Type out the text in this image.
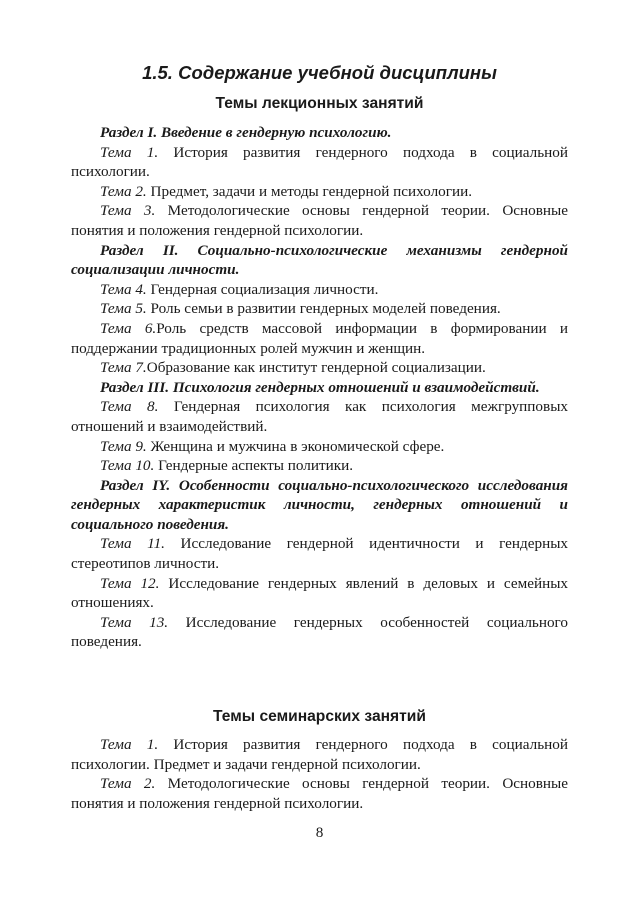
1.5. Содержание учебной дисциплины
Темы лекционных занятий

Раздел I. Введение в гендерную психологию.

Тема 1. История развития гендерного подхода в социальной психологии.

Тема 2. Предмет, задачи и методы гендерной психологии.

Тема 3. Методологические основы гендерной теории. Основные понятия и положения гендерной психологии.

Раздел II. Социально-психологические механизмы гендерной социализации личности.

Тема 4. Гендерная социализация личности.

Тема 5. Роль семьи в развитии гендерных моделей поведения.

Тема 6.Роль средств массовой информации в формировании и поддержании традиционных ролей мужчин и женщин.

Тема 7.Образование как институт гендерной социализации.

Раздел III. Психология гендерных отношений и взаимодействий.

Тема 8. Гендерная психология как психология межгрупповых отношений и взаимодействий.

Тема 9. Женщина и мужчина в экономической сфере.

Тема 10. Гендерные аспекты политики.

Раздел IY. Особенности социально-психологического исследования гендерных характеристик личности, гендерных отношений и социального поведения.

Тема 11. Исследование гендерной идентичности и гендерных стереотипов личности.

Тема 12. Исследование гендерных явлений в деловых и семейных отношениях.

Тема 13. Исследование гендерных особенностей социального поведения.

Темы семинарских занятий

Тема 1. История развития гендерного подхода в социальной психологии. Предмет и задачи гендерной психологии.

Тема 2. Методологические основы гендерной теории. Основные понятия и положения гендерной психологии.

8
